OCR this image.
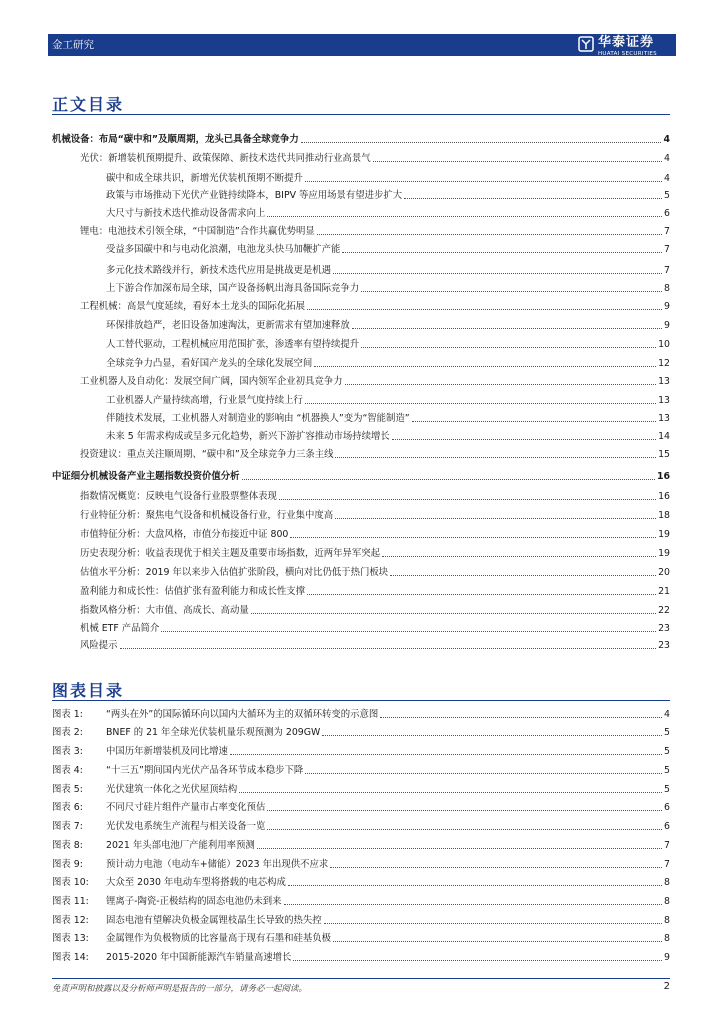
金工研究	华泰证券
HUATAI SECURITIES
正文目录
机械设备：布局“碳中和”及顺周期，龙头已具备全球竞争力	4
光伏：新增装机预期提升、政策保障、新技术迭代共同推动行业高景气	4
碳中和成全球共识，新增光伏装机预期不断提升	4
政策与市场推动下光伏产业链持续降本，BIPV 等应用场景有望进步扩大	5
大尺寸与新技术迭代推动设备需求向上	6
锂电：电池技术引领全球，“中国制造”合作共赢优势明显	7
受益多国碳中和与电动化浪潮，电池龙头快马加鞭扩产能	7
多元化技术路线并行，新技术迭代应用是挑战更是机遇	7
上下游合作加深布局全球，国产设备扬帆出海具备国际竞争力	8
工程机械：高景气度延续，看好本土龙头的国际化拓展	9
环保排放趋严，老旧设备加速淘汰，更新需求有望加速释放	9
人工替代驱动，工程机械应用范围扩张，渗透率有望持续提升	10
全球竞争力凸显，看好国产龙头的全球化发展空间	12
工业机器人及自动化：发展空间广阔，国内领军企业初具竞争力	13
工业机器人产量持续高增，行业景气度持续上行	13
伴随技术发展，工业机器人对制造业的影响由 “机器换人”变为“智能制造”	13
未来 5 年需求构成或呈多元化趋势，新兴下游扩容推动市场持续增长	14
投资建议：重点关注顺周期、“碳中和”及全球竞争力三条主线	15
中证细分机械设备产业主题指数投资价值分析	16
指数情况概览：反映电气设备行业股票整体表现	16
行业特征分析：聚焦电气设备和机械设备行业，行业集中度高	18
市值特征分析：大盘风格，市值分布接近中证 800	19
历史表现分析：收益表现优于相关主题及重要市场指数，近两年异军突起	19
估值水平分析：2019 年以来步入估值扩张阶段，横向对比仍低于热门板块	20
盈利能力和成长性：估值扩张有盈利能力和成长性支撑	21
指数风格分析：大市值、高成长、高动量	22
机械 ETF 产品简介	23
风险提示	23
图表目录
图表 1:	“两头在外”的国际循环向以国内大循环为主的双循环转变的示意图	4
图表 2:	BNEF 的 21 年全球光伏装机量乐观预测为 209GW	5
图表 3:	中国历年新增装机及同比增速	5
图表 4:	“十三五”期间国内光伏产品各环节成本稳步下降	5
图表 5:	光伏建筑一体化之光伏屋顶结构	5
图表 6:	不同尺寸硅片组件产量市占率变化预估	6
图表 7:	光伏发电系统生产流程与相关设备一览	6
图表 8:	2021 年头部电池厂产能利用率预测	7
图表 9:	预计动力电池（电动车+储能）2023 年出现供不应求	7
图表 10:	大众至 2030 年电动车型将搭载的电芯构成	8
图表 11:	锂离子-陶瓷-正极结构的固态电池仍未到来	8
图表 12:	固态电池有望解决负极金属锂枝晶生长导致的热失控	8
图表 13:	金属锂作为负极物质的比容量高于现有石墨和硅基负极	8
图表 14:	2015-2020 年中国新能源汽车销量高速增长	9
免责声明和披露以及分析师声明是报告的一部分，请务必一起阅读。	2
